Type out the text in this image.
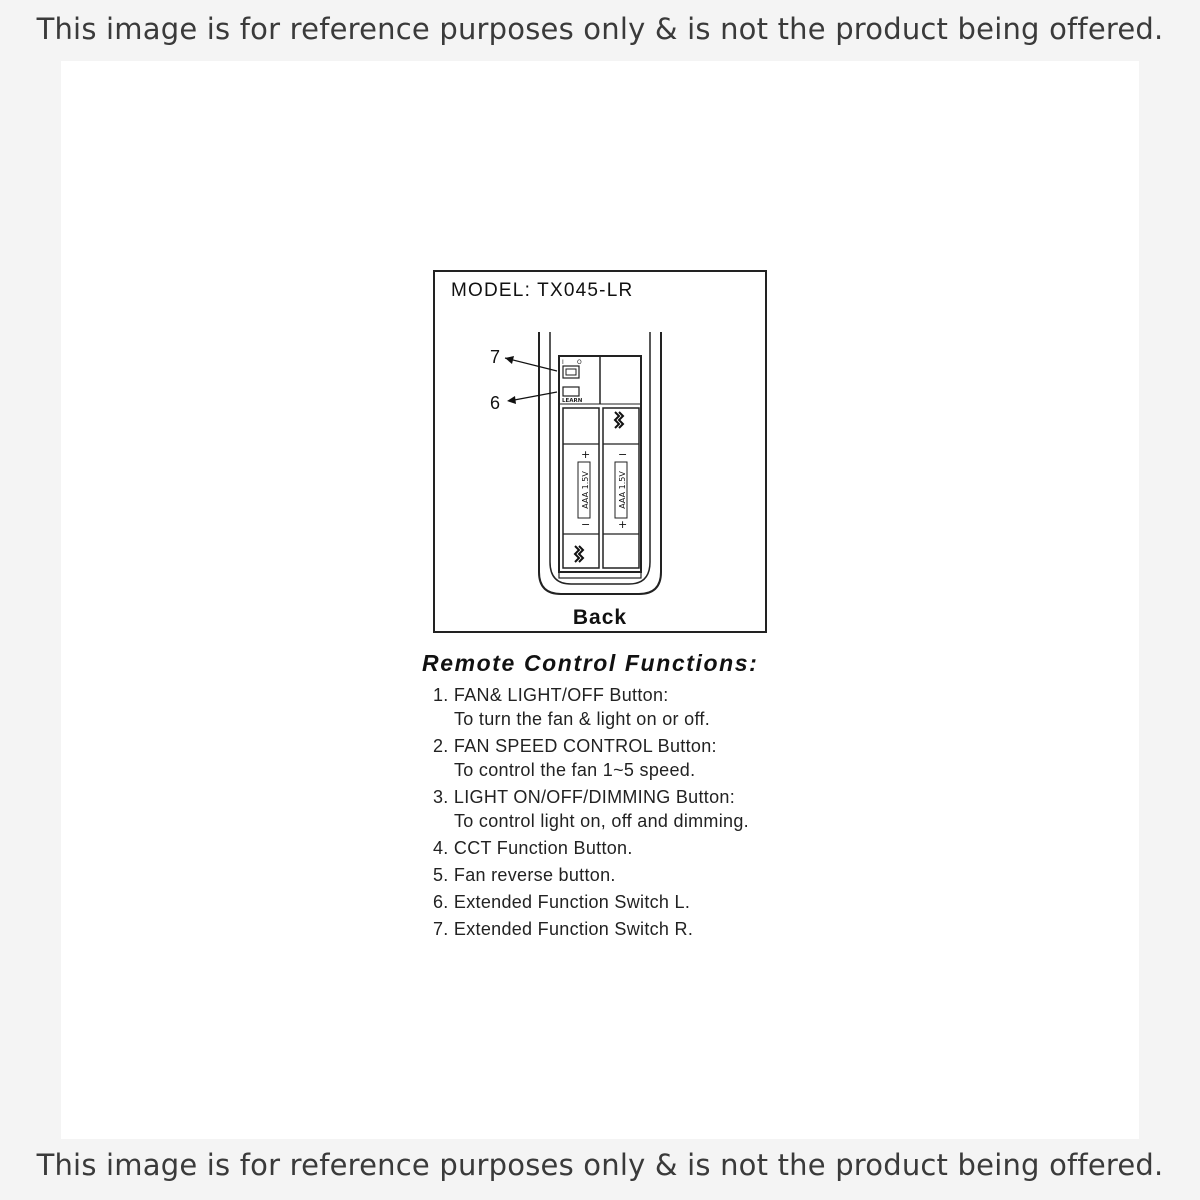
This image is for reference purposes only & is not the product being offered.
MODEL: TX045-LR
I O
LEARN
AAA 1.5V	AAA 1.5V
+
−
−
+
7
6
Back
Remote Control Functions:
1. FAN& LIGHT/OFF Button:
To turn the fan & light on or off.
2. FAN SPEED CONTROL Button:
To control the fan 1~5 speed.
3. LIGHT ON/OFF/DIMMING Button:
To control light on, off and dimming.
4. CCT Function Button.
5. Fan reverse button.
6. Extended Function Switch L.
7. Extended Function Switch R.
This image is for reference purposes only & is not the product being offered.
